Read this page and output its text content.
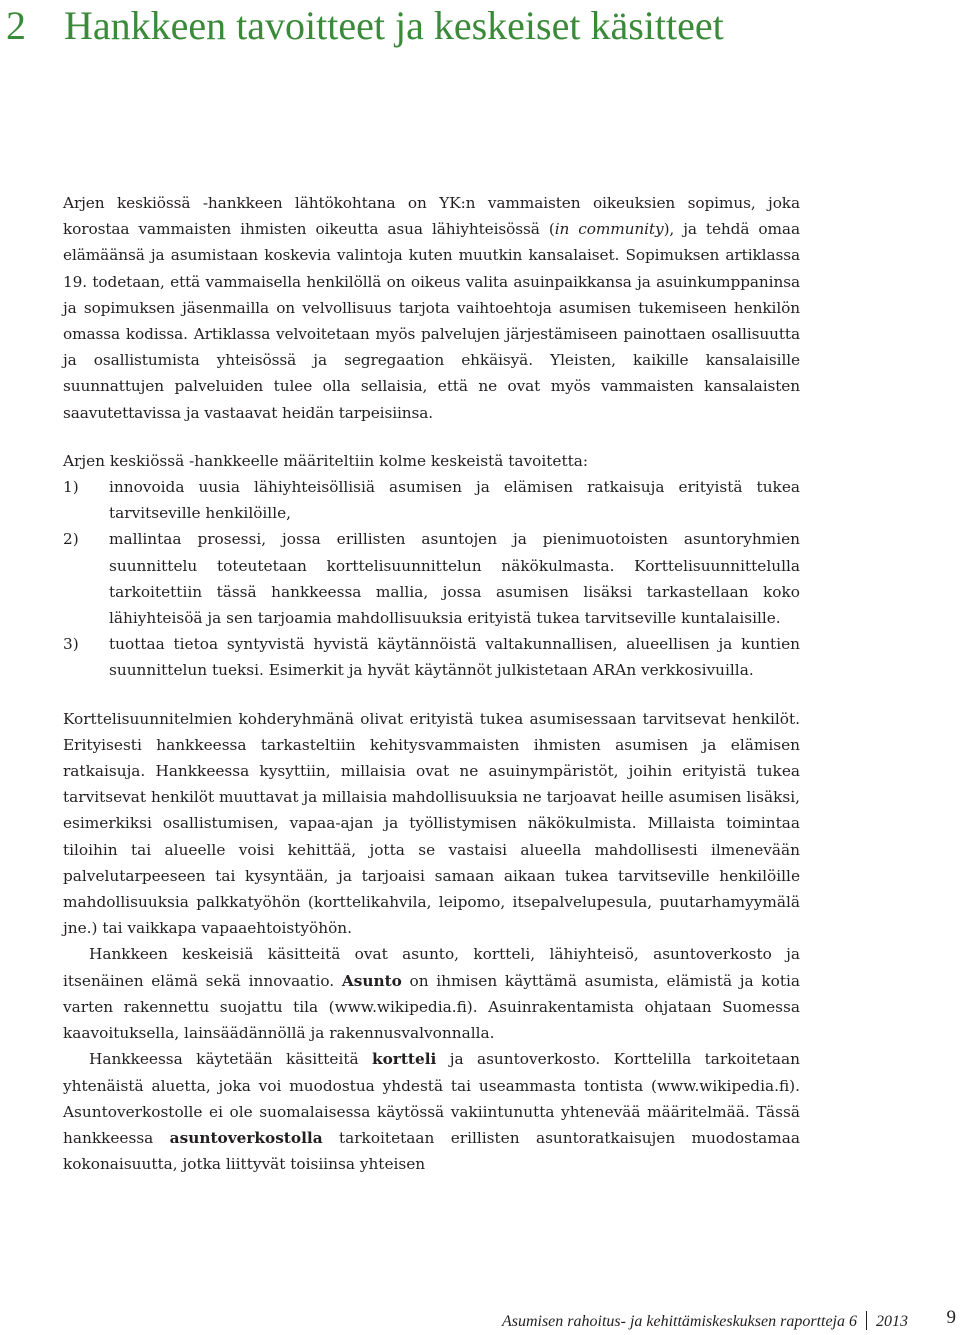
2 Hankkeen tavoitteet ja keskeiset käsitteet

Arjen keskiössä -hankkeen lähtökohtana on YK:n vammaisten oikeuksien sopimus, joka korostaa vammaisten ihmisten oikeutta asua lähiyhteisössä (in community), ja tehdä omaa elämäänsä ja asumistaan koskevia valintoja kuten muutkin kansalaiset. Sopimuksen artiklassa 19. todetaan, että vammaisella henkilöllä on oikeus valita asuinpaikkansa ja asuinkumppaninsa ja sopimuksen jäsenmailla on velvollisuus tarjota vaihtoehtoja asumisen tukemiseen henkilön omassa kodissa. Artiklassa velvoitetaan myös palvelujen järjestämiseen painottaen osallisuutta ja osallistumista yhteisössä ja segregaation ehkäisyä. Yleisten, kaikille kansalaisille suunnattujen palveluiden tulee olla sellaisia, että ne ovat myös vammaisten kansalaisten saavutettavissa ja vastaavat heidän tarpeisiinsa.

Arjen keskiössä -hankkeelle määriteltiin kolme keskeistä tavoitetta:

1) innovoida uusia lähiyhteisöllisiä asumisen ja elämisen ratkaisuja erityistä tukea tarvitseville henkilöille,
2) mallintaa prosessi, jossa erillisten asuntojen ja pienimuotoisten asuntoryhmien suunnittelu toteutetaan korttelisuunnittelun näkökulmasta. Korttelisuunnittelulla tarkoitettiin tässä hankkeessa mallia, jossa asumisen lisäksi tarkastellaan koko lähiyhteisöä ja sen tarjoamia mahdollisuuksia erityistä tukea tarvitseville kuntalaisille.
3) tuottaa tietoa syntyvistä hyvistä käytännöistä valtakunnallisen, alueellisen ja kuntien suunnittelun tueksi. Esimerkit ja hyvät käytännöt julkistetaan ARAn verkkosivuilla.

Korttelisuunnitelmien kohderyhmänä olivat erityistä tukea asumisessaan tarvitsevat henkilöt. Erityisesti hankkeessa tarkasteltiin kehitysvammaisten ihmisten asumisen ja elämisen ratkaisuja. Hankkeessa kysyttiin, millaisia ovat ne asuinympäristöt, joihin erityistä tukea tarvitsevat henkilöt muuttavat ja millaisia mahdollisuuksia ne tarjoavat heille asumisen lisäksi, esimerkiksi osallistumisen, vapaa-ajan ja työllistymisen näkökulmista. Millaista toimintaa tiloihin tai alueelle voisi kehittää, jotta se vastaisi alueella mahdollisesti ilmenevään palvelutarpeeseen tai kysyntään, ja tarjoaisi samaan aikaan tukea tarvitseville henkilöille mahdollisuuksia palkkatyöhön (korttelikahvila, leipomo, itsepalvelupesula, puutarhamyymälä jne.) tai vaikkapa vapaaehtoistyöhön.

Hankkeen keskeisiä käsitteitä ovat asunto, kortteli, lähiyhteisö, asuntoverkosto ja itsenäinen elämä sekä innovaatio. Asunto on ihmisen käyttämä asumista, elämistä ja kotia varten rakennettu suojattu tila (www.wikipedia.fi). Asuinrakentamista ohjataan Suomessa kaavoituksella, lainsäädännöllä ja rakennusvalvonnalla.

Hankkeessa käytetään käsitteitä kortteli ja asuntoverkosto. Korttelilla tarkoitetaan yhtenäistä aluetta, joka voi muodostua yhdestä tai useammasta tontista (www.wikipedia.fi). Asuntoverkostolle ei ole suomalaisessa käytössä vakiintunutta yhtenevää määritelmää. Tässä hankkeessa asuntoverkostolla tarkoitetaan erillisten asuntoratkaisujen muodostamaa kokonaisuutta, jotka liittyvät toisiinsa yhteisen

Asumisen rahoitus- ja kehittämiskeskuksen raportteja 6 2013 9
